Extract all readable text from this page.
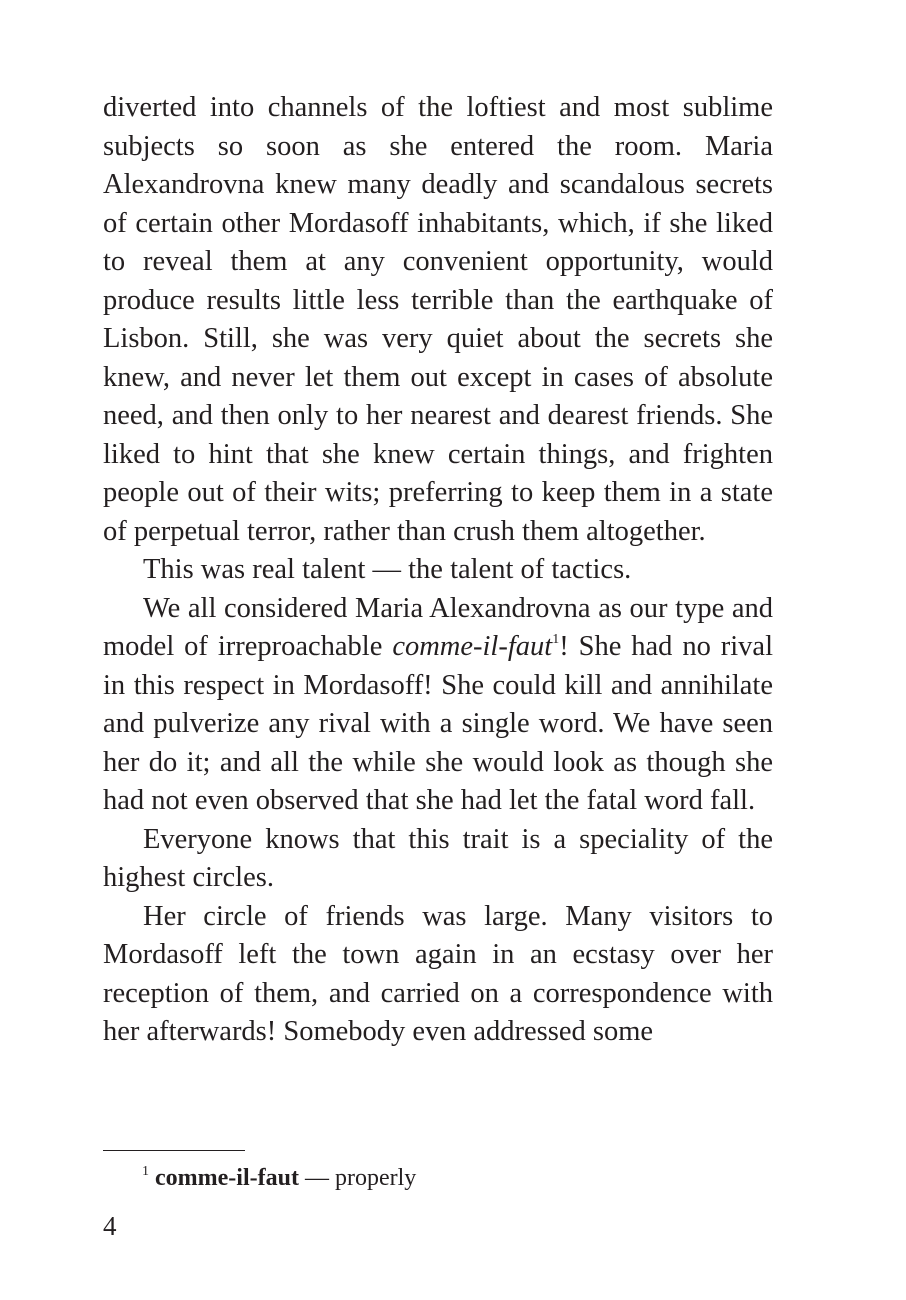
diverted into channels of the loftiest and most sublime subjects so soon as she entered the room. Maria Alexandrovna knew many deadly and scandalous secrets of certain other Mordasoff inhabitants, which, if she liked to reveal them at any convenient opportunity, would produce results little less terrible than the earthquake of Lisbon. Still, she was very quiet about the secrets she knew, and never let them out except in cases of absolute need, and then only to her nearest and dearest friends. She liked to hint that she knew certain things, and frighten people out of their wits; preferring to keep them in a state of perpetual terror, rather than crush them altogether.

This was real talent — the talent of tactics.

We all considered Maria Alexandrovna as our type and model of irreproachable comme-il-faut$^1$! She had no rival in this respect in Mordasoff! She could kill and annihilate and pulverize any rival with a single word. We have seen her do it; and all the while she would look as though she had not even observed that she had let the fatal word fall.

Everyone knows that this trait is a speciality of the highest circles.

Her circle of friends was large. Many visitors to Mordasoff left the town again in an ecstasy over her reception of them, and carried on a correspondence with her afterwards! Somebody even addressed some

$^1$ comme-il-faut — properly
4
